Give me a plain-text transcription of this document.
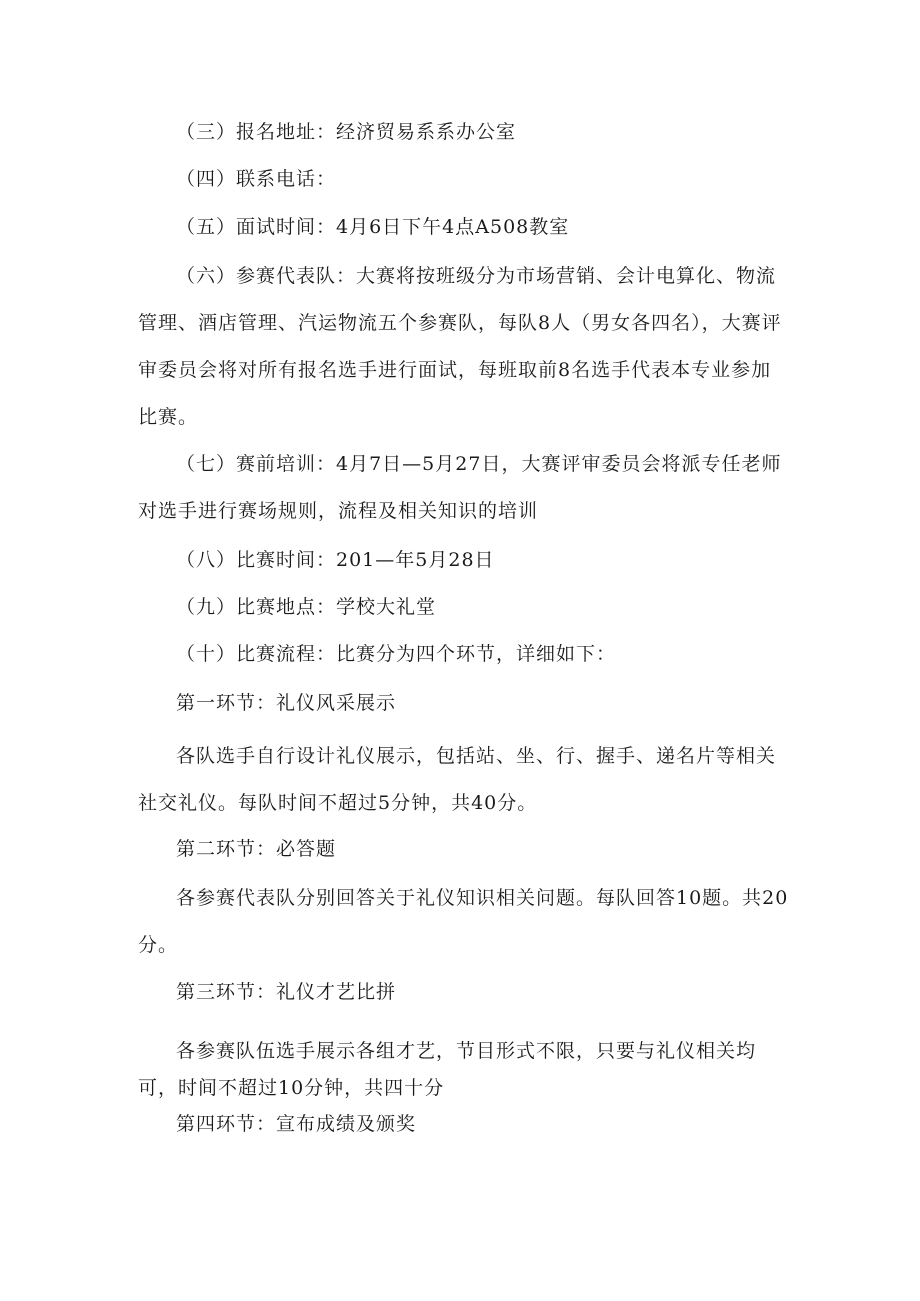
（三）报名地址：经济贸易系系办公室

（四）联系电话：

（五）面试时间：4月6日下午4点A508教室

（六）参赛代表队：大赛将按班级分为市场营销、会计电算化、物流管理、酒店管理、汽运物流五个参赛队，每队8人（男女各四名），大赛评审委员会将对所有报名选手进行面试，每班取前8名选手代表本专业参加比赛。

（七）赛前培训：4月7日—5月27日，大赛评审委员会将派专任老师对选手进行赛场规则，流程及相关知识的培训

（八）比赛时间：201—年5月28日

（九）比赛地点：学校大礼堂

（十）比赛流程：比赛分为四个环节，详细如下：

第一环节：礼仪风采展示

各队选手自行设计礼仪展示，包括站、坐、行、握手、递名片等相关社交礼仪。每队时间不超过5分钟，共40分。

第二环节：必答题

各参赛代表队分别回答关于礼仪知识相关问题。每队回答10题。共20分。

第三环节：礼仪才艺比拼

各参赛队伍选手展示各组才艺，节目形式不限，只要与礼仪相关均可，时间不超过10分钟，共四十分

第四环节：宣布成绩及颁奖
